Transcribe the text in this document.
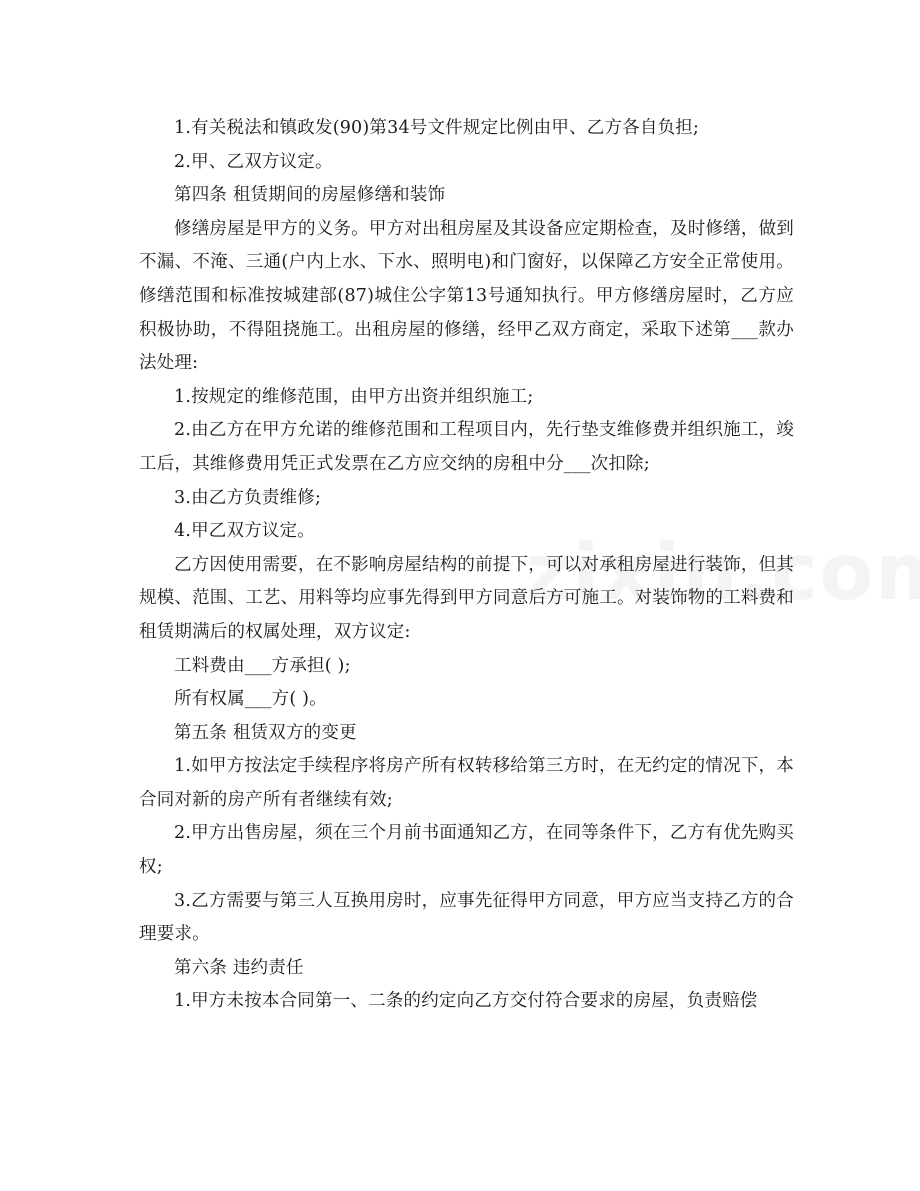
1.有关税法和镇政发(90)第34号文件规定比例由甲、乙方各自负担;

2.甲、乙双方议定。

第四条 租赁期间的房屋修缮和装饰

修缮房屋是甲方的义务。甲方对出租房屋及其设备应定期检查，及时修缮，做到不漏、不淹、三通(户内上水、下水、照明电)和门窗好，以保障乙方安全正常使用。修缮范围和标准按城建部(87)城住公字第13号通知执行。甲方修缮房屋时，乙方应积极协助，不得阻挠施工。出租房屋的修缮，经甲乙双方商定，采取下述第___款办法处理:

1.按规定的维修范围，由甲方出资并组织施工;

2.由乙方在甲方允诺的维修范围和工程项目内，先行垫支维修费并组织施工，竣工后，其维修费用凭正式发票在乙方应交纳的房租中分___次扣除;

3.由乙方负责维修;

4.甲乙双方议定。

乙方因使用需要，在不影响房屋结构的前提下，可以对承租房屋进行装饰，但其规模、范围、工艺、用料等均应事先得到甲方同意后方可施工。对装饰物的工料费和租赁期满后的权属处理，双方议定:

工料费由___方承担( );

所有权属___方( )。

第五条 租赁双方的变更

1.如甲方按法定手续程序将房产所有权转移给第三方时，在无约定的情况下，本合同对新的房产所有者继续有效;

2.甲方出售房屋，须在三个月前书面通知乙方，在同等条件下，乙方有优先购买权;

3.乙方需要与第三人互换用房时，应事先征得甲方同意，甲方应当支持乙方的合理要求。

第六条 违约责任

1.甲方未按本合同第一、二条的约定向乙方交付符合要求的房屋，负责赔偿
